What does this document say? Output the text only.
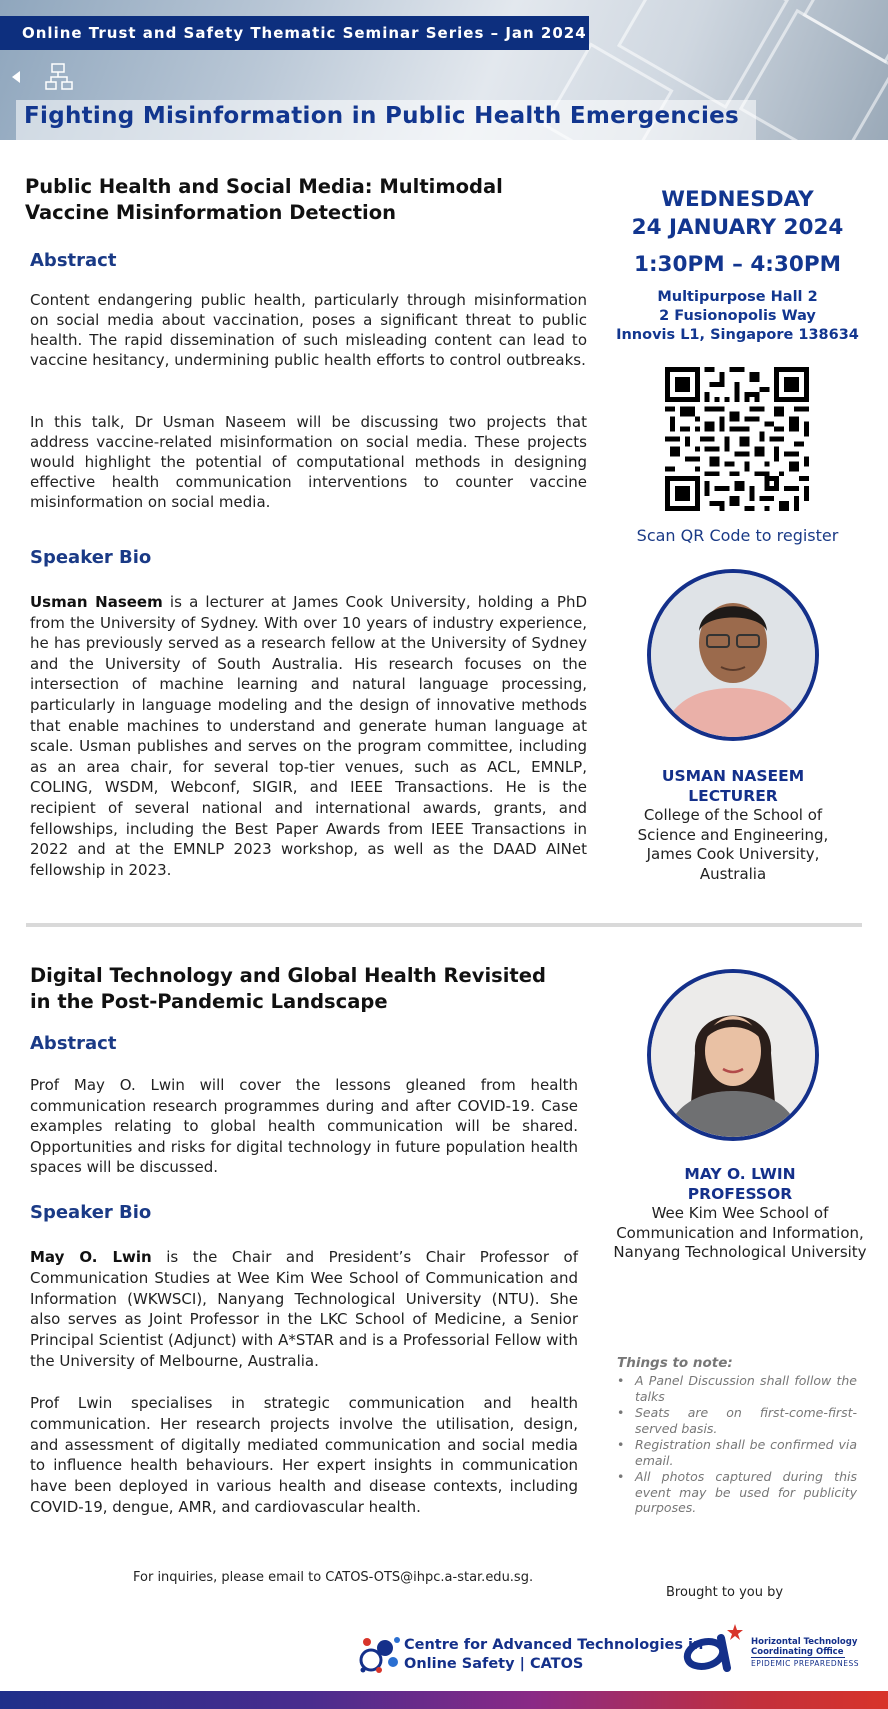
Online Trust and Safety Thematic Seminar Series – Jan 2024
Fighting Misinformation in Public Health Emergencies
Public Health and Social Media: Multimodal Vaccine Misinformation Detection
Abstract
Content endangering public health, particularly through misinformation on social media about vaccination, poses a significant threat to public health. The rapid dissemination of such misleading content can lead to vaccine hesitancy, undermining public health efforts to control outbreaks.
In this talk, Dr Usman Naseem will be discussing two projects that address vaccine-related misinformation on social media. These projects would highlight the potential of computational methods in designing effective health communication interventions to counter vaccine misinformation on social media.
Speaker Bio
Usman Naseem is a lecturer at James Cook University, holding a PhD from the University of Sydney. With over 10 years of industry experience, he has previously served as a research fellow at the University of Sydney and the University of South Australia. His research focuses on the intersection of machine learning and natural language processing, particularly in language modeling and the design of innovative methods that enable machines to understand and generate human language at scale. Usman publishes and serves on the program committee, including as an area chair, for several top-tier venues, such as ACL, EMNLP, COLING, WSDM, Webconf, SIGIR, and IEEE Transactions. He is the recipient of several national and international awards, grants, and fellowships, including the Best Paper Awards from IEEE Transactions in 2022 and at the EMNLP 2023 workshop, as well as the DAAD AINet fellowship in 2023.
WEDNESDAY
24 JANUARY 2024
1:30PM – 4:30PM
Multipurpose Hall 2
2 Fusionopolis Way
Innovis L1, Singapore 138634
Scan QR Code to register
USMAN NASEEM
LECTURER
College of the School of Science and Engineering, James Cook University, Australia
Digital Technology and Global Health Revisited in the Post-Pandemic Landscape
Abstract
Prof May O. Lwin will cover the lessons gleaned from health communication research programmes during and after COVID-19. Case examples relating to global health communication will be shared. Opportunities and risks for digital technology in future population health spaces will be discussed.
Speaker Bio
May O. Lwin is the Chair and President’s Chair Professor of Communication Studies at Wee Kim Wee School of Communication and Information (WKWSCI), Nanyang Technological University (NTU). She also serves as Joint Professor in the LKC School of Medicine, a Senior Principal Scientist (Adjunct) with A*STAR and is a Professorial Fellow with the University of Melbourne, Australia.
Prof Lwin specialises in strategic communication and health communication. Her research projects involve the utilisation, design, and assessment of digitally mediated communication and social media to influence health behaviours. Her expert insights in communication have been deployed in various health and disease contexts, including COVID-19, dengue, AMR, and cardiovascular health.
MAY O. LWIN
PROFESSOR
Wee Kim Wee School of Communication and Information, Nanyang Technological University
Things to note:
• A Panel Discussion shall follow the talks
• Seats are on first-come-first-served basis.
• Registration shall be confirmed via email.
• All photos captured during this event may be used for publicity purposes.
For inquiries, please email to CATOS-OTS@ihpc.a-star.edu.sg.
Brought to you by
Centre for Advanced Technologies in
Online Safety | CATOS
Horizontal Technology
Coordinating Office
EPIDEMIC PREPAREDNESS
